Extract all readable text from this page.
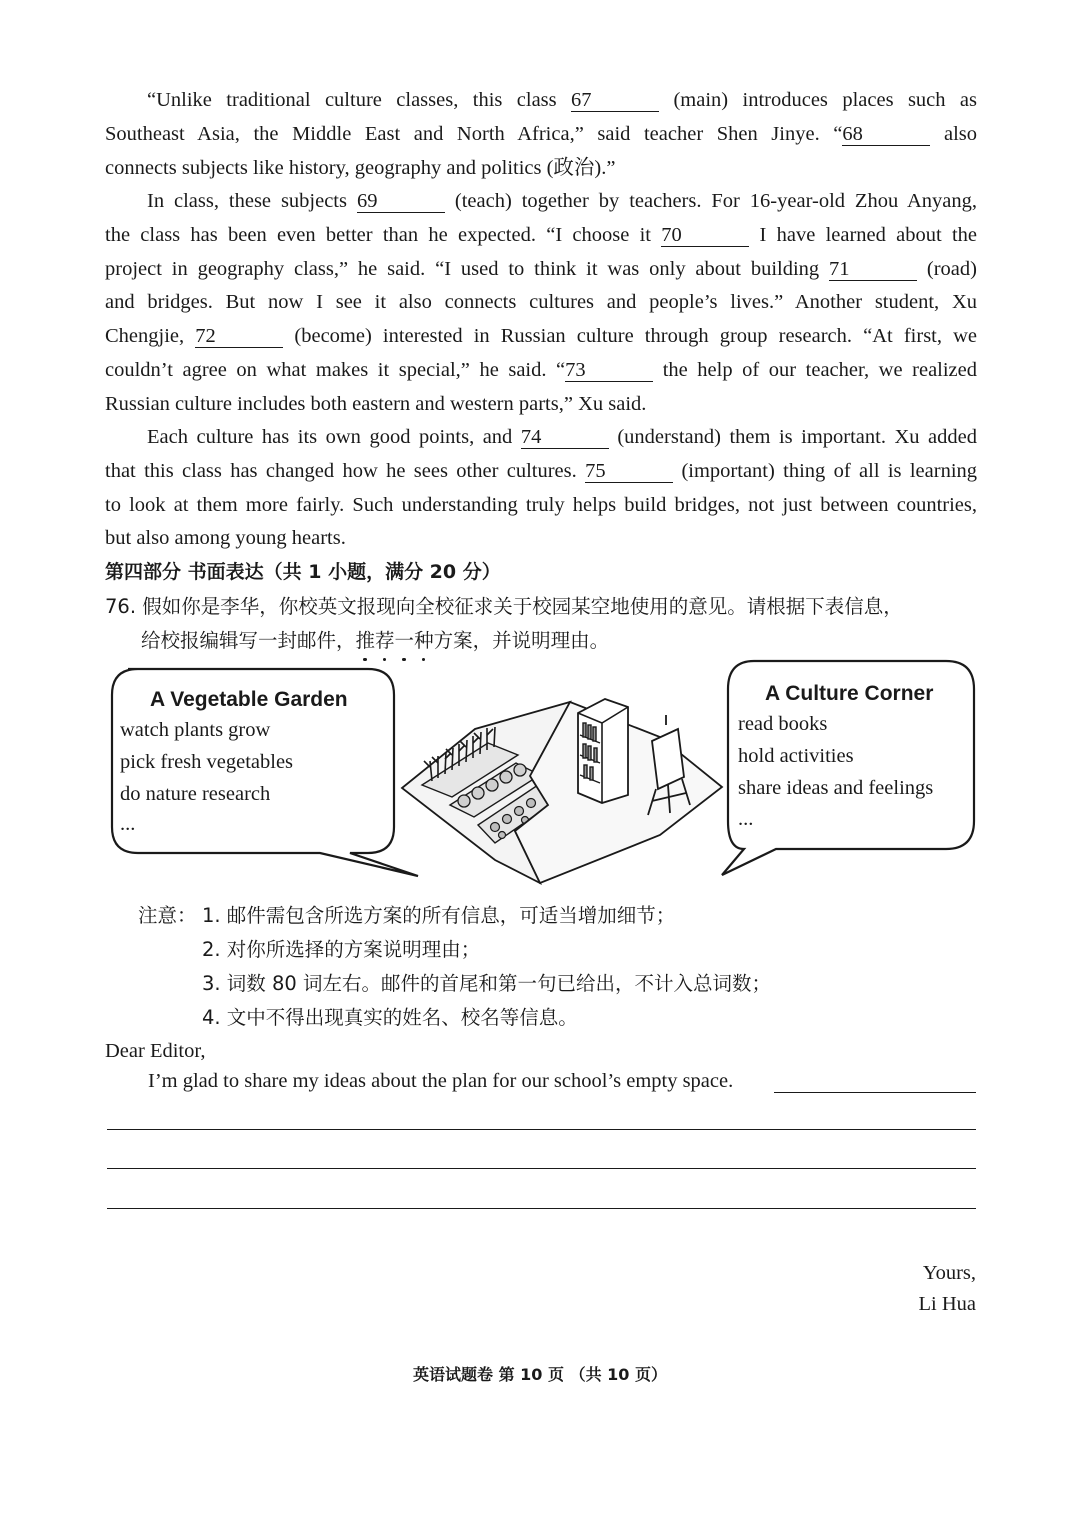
“Unlike traditional culture classes, this class 67	(main) introduces places such as
Southeast Asia, the Middle East and North Africa,” said teacher Shen Jinye. “68	also
connects subjects like history, geography and politics (政治).”
In class, these subjects 69	(teach) together by teachers. For 16-year-old Zhou Anyang,
the class has been even better than he expected. “I choose it 70	I have learned about the
project in geography class,” he said. “I used to think it was only about building 71	(road)
and bridges. But now I see it also connects cultures and people’s lives.” Another student, Xu
Chengjie, 72	(become) interested in Russian culture through group research. “At first, we
couldn’t agree on what makes it special,” he said. “73	the help of our teacher, we realized
Russian culture includes both eastern and western parts,” Xu said.
Each culture has its own good points, and 74	(understand) them is important. Xu added
that this class has changed how he sees other cultures. 75	(important) thing of all is learning
to look at them more fairly. Such understanding truly helps build bridges, not just between countries,
but also among young hearts.
第四部分 书面表达（共 1 小题，满分 20 分）
76. 假如你是李华，你校英文报现向全校征求关于校园某空地使用的意见。请根据下表信息，
给校报编辑写一封邮件，推荐一种方案，并说明理由。
A Vegetable Garden
watch plants grow
pick fresh vegetables
do nature research
...
A Culture Corner
read books
hold activities
share ideas and feelings
...
注意： 1. 邮件需包含所选方案的所有信息，可适当增加细节；
2. 对你所选择的方案说明理由；
3. 词数 80 词左右。邮件的首尾和第一句已给出，不计入总词数；
4. 文中不得出现真实的姓名、校名等信息。
Dear Editor,
I’m glad to share my ideas about the plan for our school’s empty space.
Yours,
Li Hua
英语试题卷 第 10 页 （共 10 页）
